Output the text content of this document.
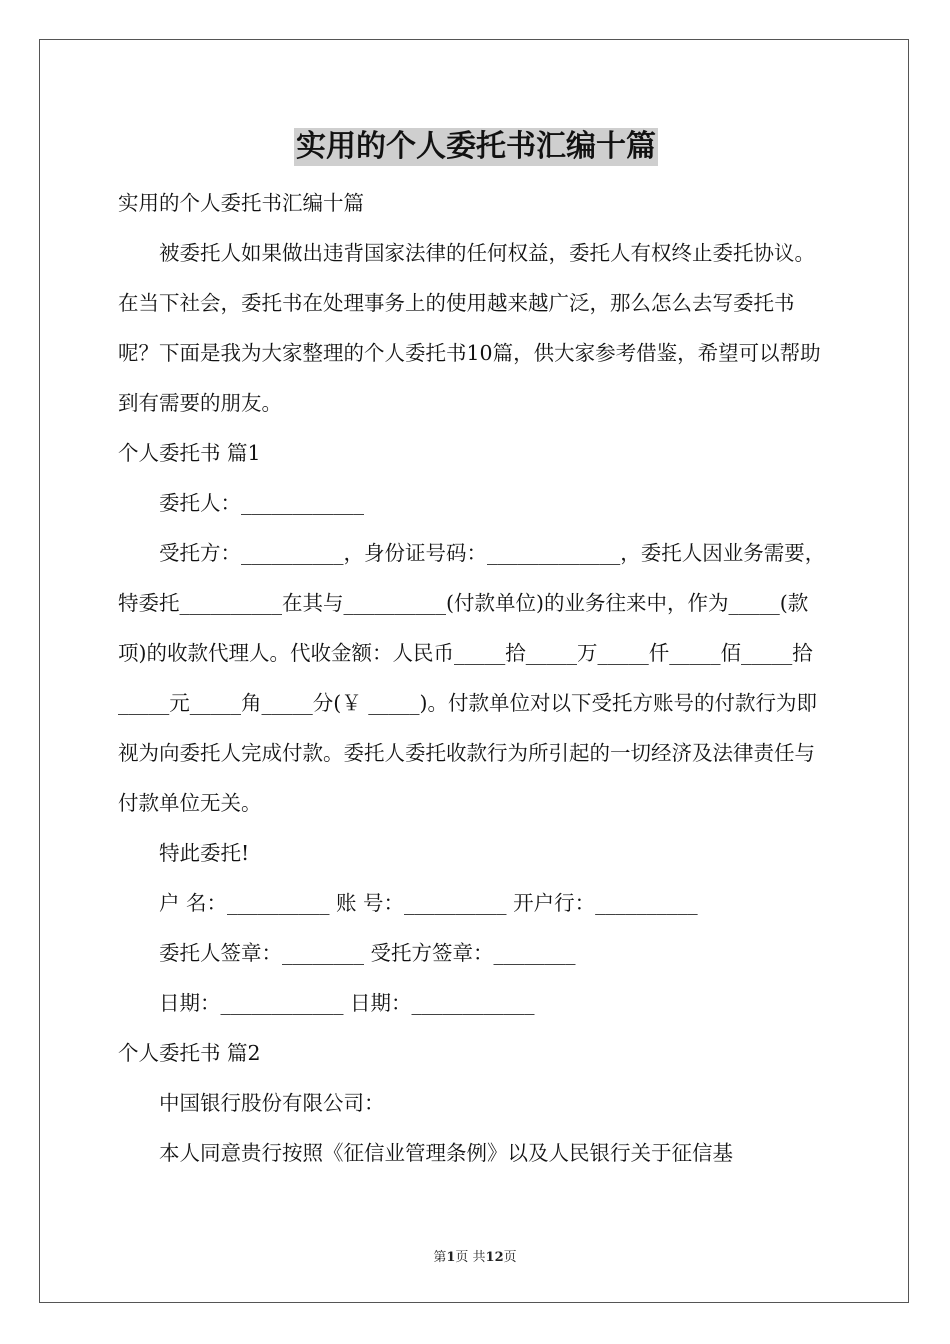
实用的个人委托书汇编十篇

实用的个人委托书汇编十篇

被委托人如果做出违背国家法律的任何权益，委托人有权终止委托协议。在当下社会，委托书在处理事务上的使用越来越广泛，那么怎么去写委托书呢？下面是我为大家整理的个人委托书10篇，供大家参考借鉴，希望可以帮助到有需要的朋友。

个人委托书 篇1

委托人：____________

受托方：__________，身份证号码：_____________，委托人因业务需要，特委托__________在其与__________(付款单位)的业务往来中，作为_____(款项)的收款代理人。代收金额：人民币_____拾_____万_____仟_____佰_____拾_____元_____角_____分(￥ _____)。付款单位对以下受托方账号的付款行为即视为向委托人完成付款。委托人委托收款行为所引起的一切经济及法律责任与付款单位无关。

特此委托!

户 名：__________ 账 号：__________ 开户行：__________

委托人签章：________ 受托方签章：________

日期：____________ 日期：____________

个人委托书 篇2

中国银行股份有限公司：

本人同意贵行按照《征信业管理条例》以及人民银行关于征信基

第1页 共12页
